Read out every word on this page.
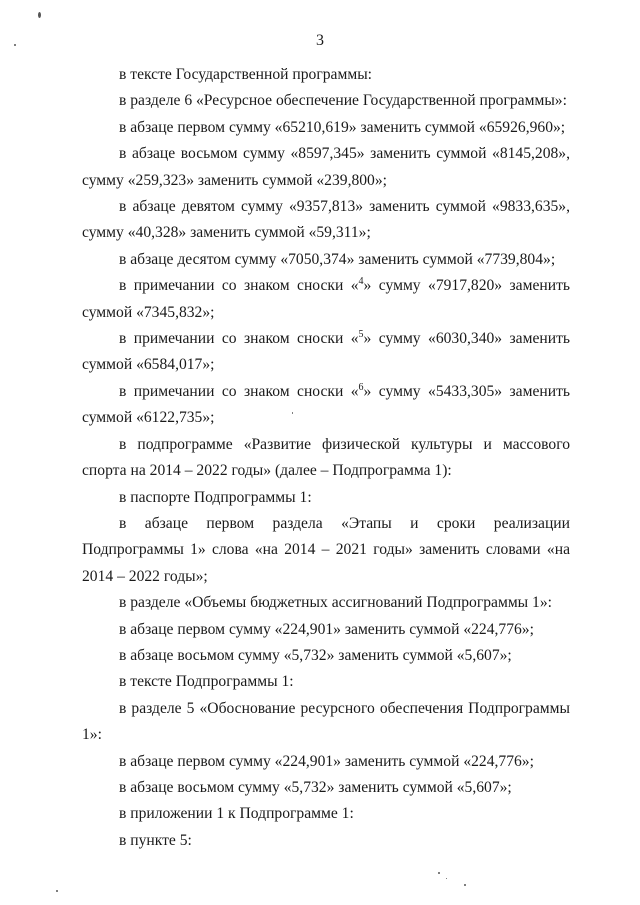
3

в тексте Государственной программы:

в разделе 6 «Ресурсное обеспечение Государственной программы»:

в абзаце первом сумму «65210,619» заменить суммой «65926,960»;

в абзаце восьмом сумму «8597,345» заменить суммой «8145,208», сумму «259,323» заменить суммой «239,800»;

в абзаце девятом сумму «9357,813» заменить суммой «9833,635», сумму «40,328» заменить суммой «59,311»;

в абзаце десятом сумму «7050,374» заменить суммой «7739,804»;

в примечании со знаком сноски «$^4$» сумму «7917,820» заменить суммой «7345,832»;

в примечании со знаком сноски «$^5$» сумму «6030,340» заменить суммой «6584,017»;

в примечании со знаком сноски «$^6$» сумму «5433,305» заменить суммой «6122,735»;

в подпрограмме «Развитие физической культуры и массового спорта на 2014 – 2022 годы» (далее – Подпрограмма 1):

в паспорте Подпрограммы 1:

в абзаце первом раздела «Этапы и сроки реализации Подпрограммы 1» слова «на 2014 – 2021 годы» заменить словами «на 2014 – 2022 годы»;

в разделе «Объемы бюджетных ассигнований Подпрограммы 1»:

в абзаце первом сумму «224,901» заменить суммой «224,776»;

в абзаце восьмом сумму «5,732» заменить суммой «5,607»;

в тексте Подпрограммы 1:

в разделе 5 «Обоснование ресурсного обеспечения Подпрограммы 1»:

в абзаце первом сумму «224,901» заменить суммой «224,776»;

в абзаце восьмом сумму «5,732» заменить суммой «5,607»;

в приложении 1 к Подпрограмме 1:

в пункте 5:
